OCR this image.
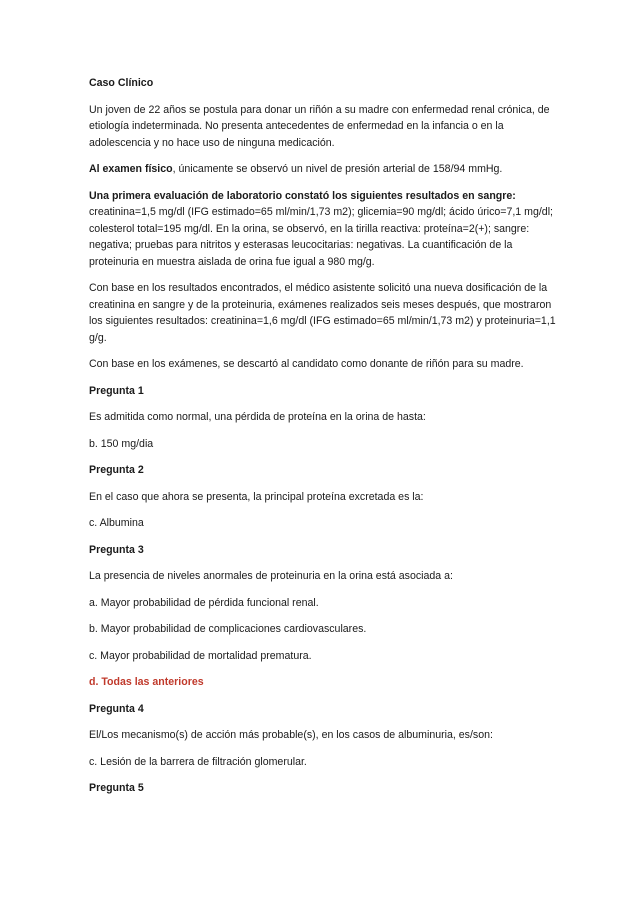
Caso Clínico

Un joven de 22 años se postula para donar un riñón a su madre con enfermedad renal crónica, de etiología indeterminada. No presenta antecedentes de enfermedad en la infancia o en la adolescencia y no hace uso de ninguna medicación.

Al examen físico, únicamente se observó un nivel de presión arterial de 158/94 mmHg.

Una primera evaluación de laboratorio constató los siguientes resultados en sangre:
creatinina=1,5 mg/dl (IFG estimado=65 ml/min/1,73 m2); glicemia=90 mg/dl; ácido úrico=7,1 mg/dl; colesterol total=195 mg/dl. En la orina, se observó, en la tirilla reactiva: proteína=2(+); sangre: negativa; pruebas para nitritos y esterasas leucocitarias: negativas. La cuantificación de la proteinuria en muestra aislada de orina fue igual a 980 mg/g.

Con base en los resultados encontrados, el médico asistente solicitó una nueva dosificación de la creatinina en sangre y de la proteinuria, exámenes realizados seis meses después, que mostraron los siguientes resultados: creatinina=1,6 mg/dl (IFG estimado=65 ml/min/1,73 m2) y proteinuria=1,1 g/g.

Con base en los exámenes, se descartó al candidato como donante de riñón para su madre.

Pregunta 1

Es admitida como normal, una pérdida de proteína en la orina de hasta:

b. 150 mg/dia

Pregunta 2

En el caso que ahora se presenta, la principal proteína excretada es la:

c. Albumina

Pregunta 3

La presencia de niveles anormales de proteinuria en la orina está asociada a:

a. Mayor probabilidad de pérdida funcional renal.

b. Mayor probabilidad de complicaciones cardiovasculares.

c. Mayor probabilidad de mortalidad prematura.

d. Todas las anteriores

Pregunta 4

El/Los mecanismo(s) de acción más probable(s), en los casos de albuminuria, es/son:

c. Lesión de la barrera de filtración glomerular.

Pregunta 5
